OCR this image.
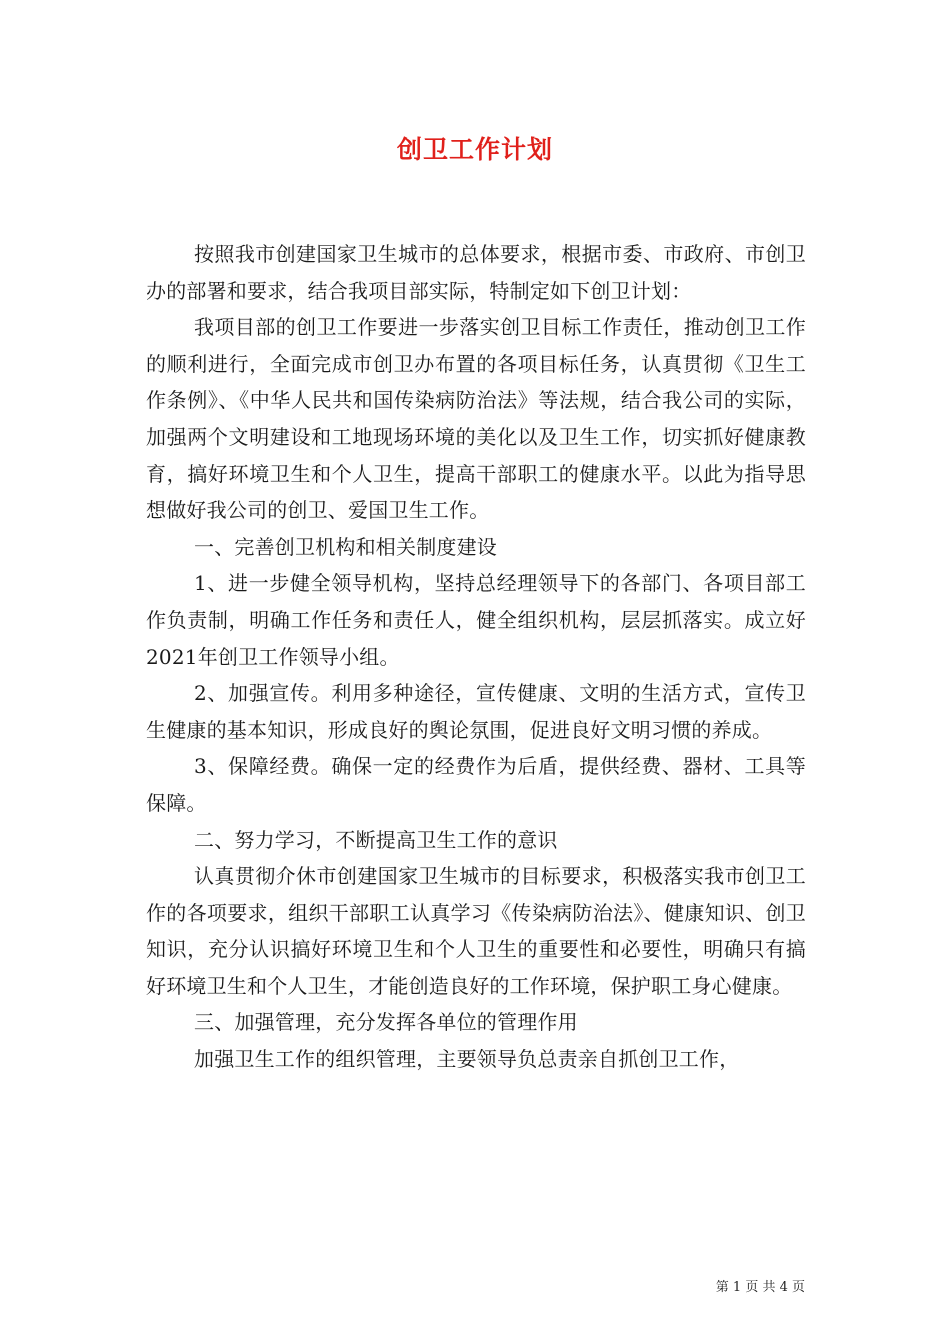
创卫工作计划

按照我市创建国家卫生城市的总体要求，根据市委、市政府、市创卫办的部署和要求，结合我项目部实际，特制定如下创卫计划：

我项目部的创卫工作要进一步落实创卫目标工作责任，推动创卫工作的顺利进行，全面完成市创卫办布置的各项目标任务，认真贯彻《卫生工作条例》、《中华人民共和国传染病防治法》等法规，结合我公司的实际，加强两个文明建设和工地现场环境的美化以及卫生工作，切实抓好健康教育，搞好环境卫生和个人卫生，提高干部职工的健康水平。以此为指导思想做好我公司的创卫、爱国卫生工作。

一、完善创卫机构和相关制度建设

1、进一步健全领导机构，坚持总经理领导下的各部门、各项目部工作负责制，明确工作任务和责任人，健全组织机构，层层抓落实。成立好2021年创卫工作领导小组。

2、加强宣传。利用多种途径，宣传健康、文明的生活方式，宣传卫生健康的基本知识，形成良好的舆论氛围，促进良好文明习惯的养成。

3、保障经费。确保一定的经费作为后盾，提供经费、器材、工具等保障。

二、努力学习，不断提高卫生工作的意识

认真贯彻介休市创建国家卫生城市的目标要求，积极落实我市创卫工作的各项要求，组织干部职工认真学习《传染病防治法》、健康知识、创卫知识，充分认识搞好环境卫生和个人卫生的重要性和必要性，明确只有搞好环境卫生和个人卫生，才能创造良好的工作环境，保护职工身心健康。

三、加强管理，充分发挥各单位的管理作用

加强卫生工作的组织管理，主要领导负总责亲自抓创卫工作，

第 1 页 共 4 页
